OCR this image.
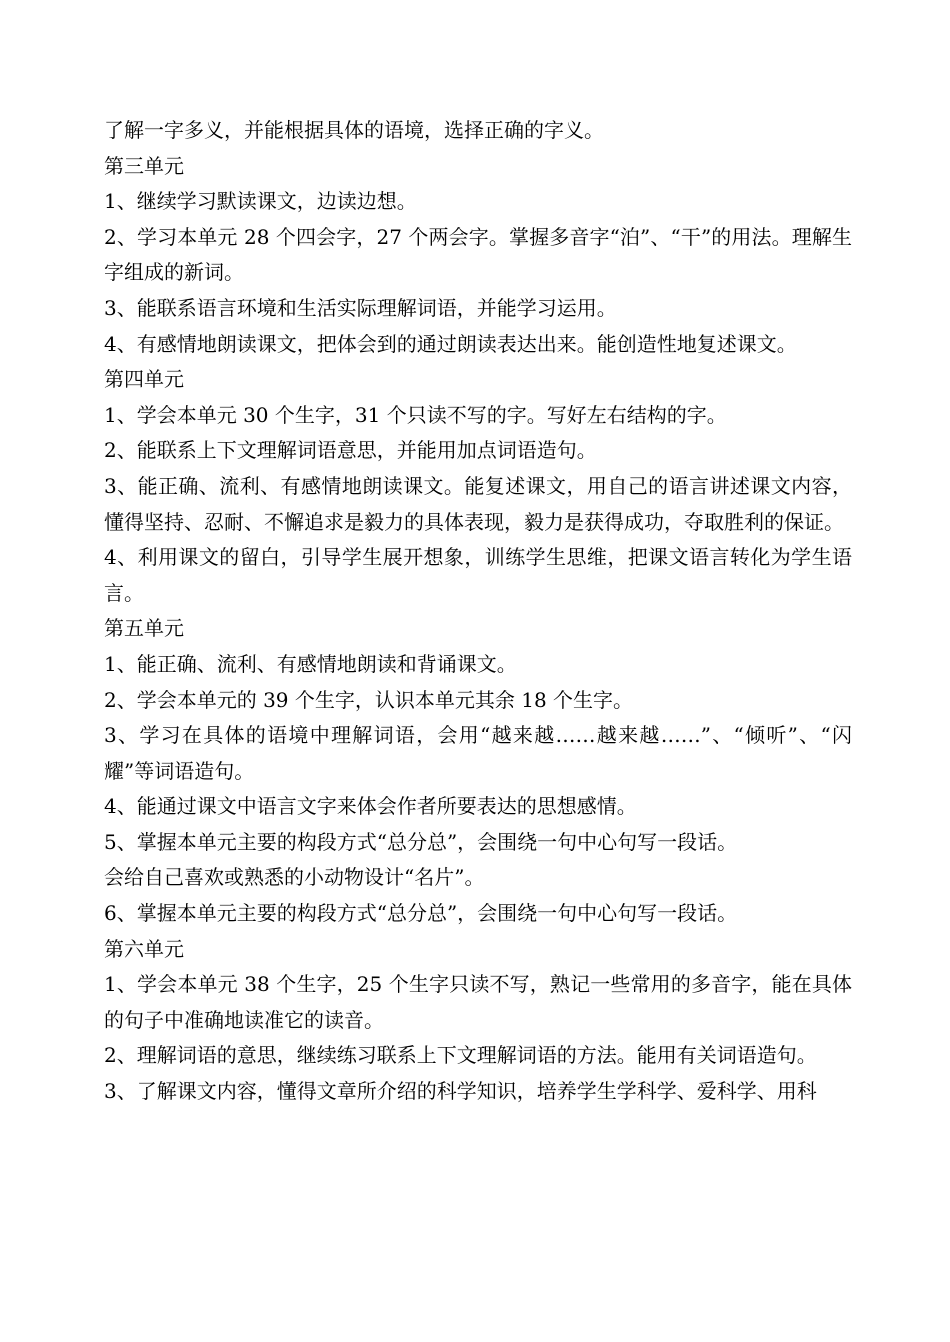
了解一字多义，并能根据具体的语境，选择正确的字义。

第三单元

1、继续学习默读课文，边读边想。

2、学习本单元 28 个四会字，27 个两会字。掌握多音字“泊”、“干”的用法。理解生字组成的新词。

3、能联系语言环境和生活实际理解词语，并能学习运用。

4、有感情地朗读课文，把体会到的通过朗读表达出来。能创造性地复述课文。

第四单元

1、学会本单元 30 个生字，31 个只读不写的字。写好左右结构的字。

2、能联系上下文理解词语意思，并能用加点词语造句。

3、能正确、流利、有感情地朗读课文。能复述课文，用自己的语言讲述课文内容，懂得坚持、忍耐、不懈追求是毅力的具体表现，毅力是获得成功，夺取胜利的保证。

4、利用课文的留白，引导学生展开想象，训练学生思维，把课文语言转化为学生语言。

第五单元

1、能正确、流利、有感情地朗读和背诵课文。

2、学会本单元的 39 个生字，认识本单元其余 18 个生字。

3、学习在具体的语境中理解词语，会用“越来越……越来越……”、“倾听”、“闪耀”等词语造句。

4、能通过课文中语言文字来体会作者所要表达的思想感情。

5、掌握本单元主要的构段方式“总分总”，会围绕一句中心句写一段话。

会给自己喜欢或熟悉的小动物设计“名片”。

6、掌握本单元主要的构段方式“总分总”，会围绕一句中心句写一段话。

第六单元

1、学会本单元 38 个生字，25 个生字只读不写，熟记一些常用的多音字，能在具体的句子中准确地读准它的读音。

2、理解词语的意思，继续练习联系上下文理解词语的方法。能用有关词语造句。

3、了解课文内容，懂得文章所介绍的科学知识，培养学生学科学、爱科学、用科
